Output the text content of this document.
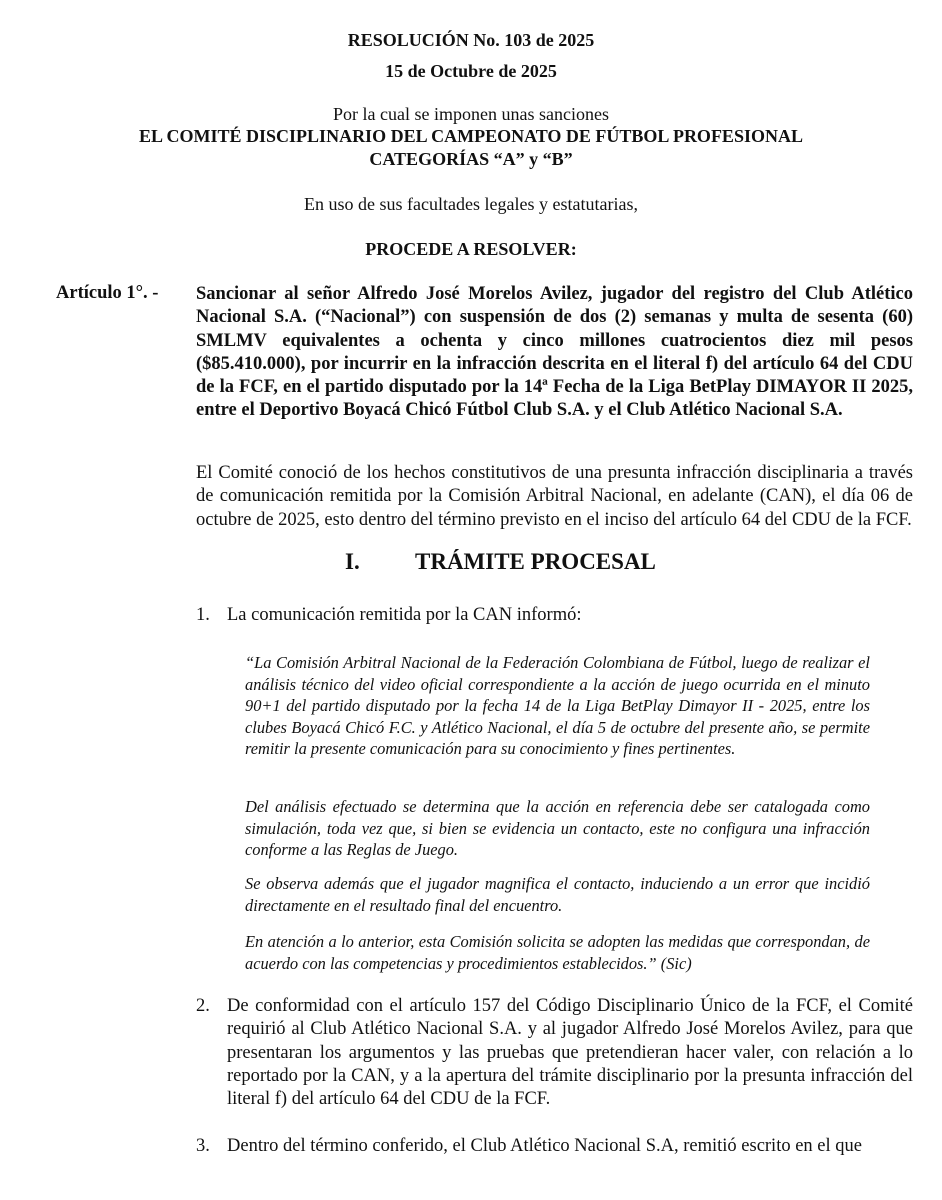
RESOLUCIÓN No. 103 de 2025
15 de Octubre de 2025
Por la cual se imponen unas sanciones
EL COMITÉ DISCIPLINARIO DEL CAMPEONATO DE FÚTBOL PROFESIONAL
CATEGORÍAS “A” y “B”
En uso de sus facultades legales y estatutarias,
PROCEDE A RESOLVER:
Artículo 1°. - Sancionar al señor Alfredo José Morelos Avilez, jugador del registro del Club Atlético Nacional S.A. (“Nacional”) con suspensión de dos (2) semanas y multa de sesenta (60) SMLMV equivalentes a ochenta y cinco millones cuatrocientos diez mil pesos ($85.410.000), por incurrir en la infracción descrita en el literal f) del artículo 64 del CDU de la FCF, en el partido disputado por la 14ª Fecha de la Liga BetPlay DIMAYOR II 2025, entre el Deportivo Boyacá Chicó Fútbol Club S.A. y el Club Atlético Nacional S.A.
El Comité conoció de los hechos constitutivos de una presunta infracción disciplinaria a través de comunicación remitida por la Comisión Arbitral Nacional, en adelante (CAN), el día 06 de octubre de 2025, esto dentro del término previsto en el inciso del artículo 64 del CDU de la FCF.
I. TRÁMITE PROCESAL
1. La comunicación remitida por la CAN informó:
“La Comisión Arbitral Nacional de la Federación Colombiana de Fútbol, luego de realizar el análisis técnico del video oficial correspondiente a la acción de juego ocurrida en el minuto 90+1 del partido disputado por la fecha 14 de la Liga BetPlay Dimayor II - 2025, entre los clubes Boyacá Chicó F.C. y Atlético Nacional, el día 5 de octubre del presente año, se permite remitir la presente comunicación para su conocimiento y fines pertinentes.
Del análisis efectuado se determina que la acción en referencia debe ser catalogada como simulación, toda vez que, si bien se evidencia un contacto, este no configura una infracción conforme a las Reglas de Juego.
Se observa además que el jugador magnifica el contacto, induciendo a un error que incidió directamente en el resultado final del encuentro.
En atención a lo anterior, esta Comisión solicita se adopten las medidas que correspondan, de acuerdo con las competencias y procedimientos establecidos.” (Sic)
2. De conformidad con el artículo 157 del Código Disciplinario Único de la FCF, el Comité requirió al Club Atlético Nacional S.A. y al jugador Alfredo José Morelos Avilez, para que presentaran los argumentos y las pruebas que pretendieran hacer valer, con relación a lo reportado por la CAN, y a la apertura del trámite disciplinario por la presunta infracción del literal f) del artículo 64 del CDU de la FCF.
3. Dentro del término conferido, el Club Atlético Nacional S.A, remitió escrito en el que
